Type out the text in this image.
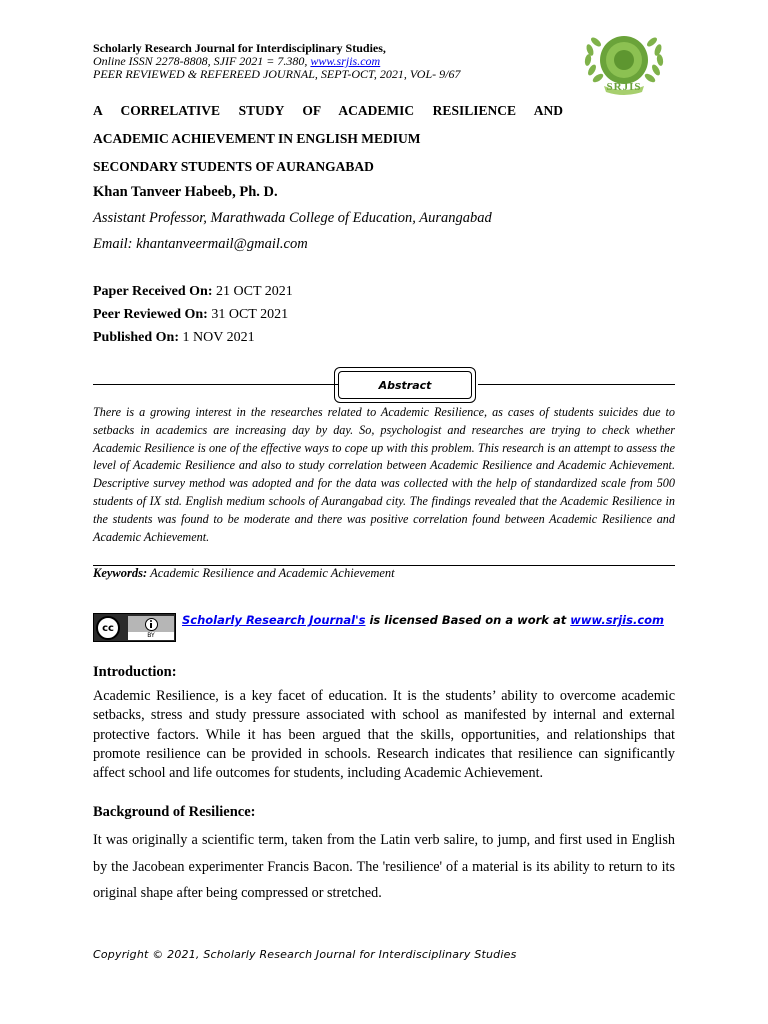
Scholarly Research Journal for Interdisciplinary Studies,
Online ISSN 2278-8808, SJIF 2021 = 7.380, www.srjis.com
PEER REVIEWED & REFEREED JOURNAL, SEPT-OCT, 2021, VOL- 9/67
SRJIS
A CORRELATIVE STUDY OF ACADEMIC RESILIENCE AND
ACADEMIC ACHIEVEMENT IN ENGLISH MEDIUM
SECONDARY STUDENTS OF AURANGABAD
Khan Tanveer Habeeb, Ph. D.
Assistant Professor, Marathwada College of Education, Aurangabad
Email: khantanveermail@gmail.com
Paper Received On: 21 OCT 2021
Peer Reviewed On: 31 OCT 2021
Published On: 1 NOV 2021
Abstract
There is a growing interest in the researches related to Academic Resilience, as cases of students suicides due to setbacks in academics are increasing day by day. So, psychologist and researches are trying to check whether Academic Resilience is one of the effective ways to cope up with this problem. This research is an attempt to assess the level of Academic Resilience and also to study correlation between Academic Resilience and Academic Achievement. Descriptive survey method was adopted and for the data was collected with the help of standardized scale from 500 students of IX std. English medium schools of Aurangabad city. The findings revealed that the Academic Resilience in the students was found to be moderate and there was positive correlation found between Academic Resilience and Academic Achievement.
Keywords: Academic Resilience and Academic Achievement
cc
BY
Scholarly Research Journal's is licensed Based on a work at www.srjis.com
Introduction:
Academic Resilience, is a key facet of education. It is the students’ ability to overcome academic setbacks, stress and study pressure associated with school as manifested by internal and external protective factors. While it has been argued that the skills, opportunities, and relationships that promote resilience can be provided in schools. Research indicates that resilience can significantly affect school and life outcomes for students, including Academic Achievement.
Background of Resilience:
It was originally a scientific term, taken from the Latin verb salire, to jump, and first used in English by the Jacobean experimenter Francis Bacon. The 'resilience' of a material is its ability to return to its original shape after being compressed or stretched.
Copyright © 2021, Scholarly Research Journal for Interdisciplinary Studies
